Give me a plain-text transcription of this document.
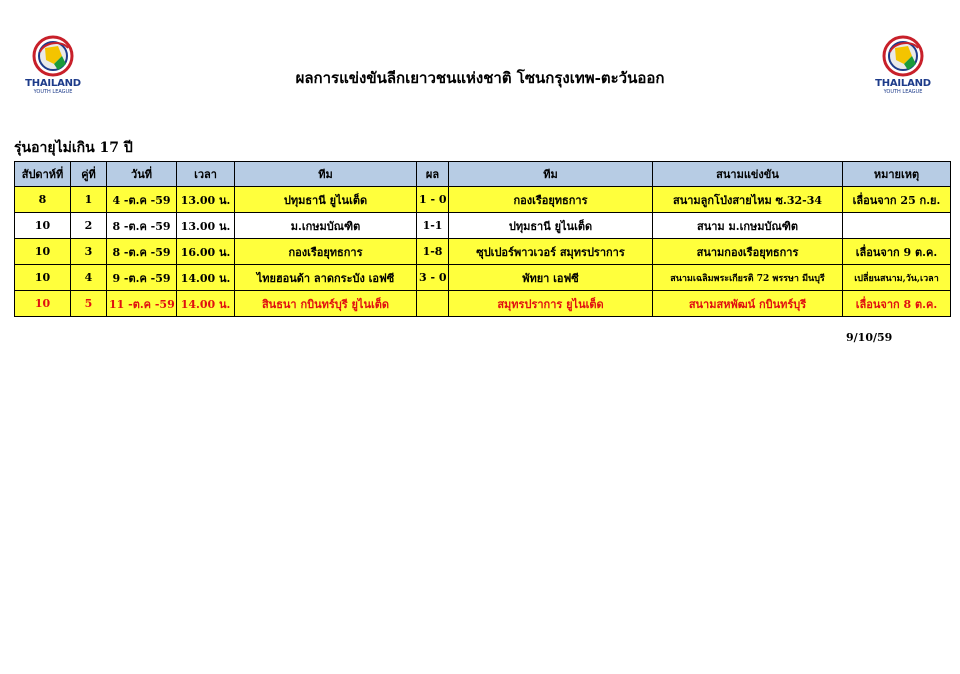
THAILAND
YOUTH LEAGUE
THAILAND
YOUTH LEAGUE
ผลการแข่งขันลีกเยาวชนแห่งชาติ โซนกรุงเทพ-ตะวันออก
รุ่นอายุไม่เกิน 17 ปี
สัปดาห์ที่	คู่ที่	วันที่	เวลา	ทีม	ผล	ทีม	สนามแข่งขัน	หมายเหตุ
8	1	4 -ต.ค -59	13.00 น.	ปทุมธานี ยูไนเต็ด	1 - 0	กองเรือยุทธการ	สนามลูกโป่งสายไหม ซ.32-34	เลื่อนจาก 25 ก.ย.
10	2	8 -ต.ค -59	13.00 น.	ม.เกษมบัณฑิต	1-1	ปทุมธานี ยูไนเต็ด	สนาม ม.เกษมบัณฑิต	
10	3	8 -ต.ค -59	16.00 น.	กองเรือยุทธการ	1-8	ซุปเปอร์พาวเวอร์ สมุทรปราการ	สนามกองเรือยุทธการ	เลื่อนจาก 9 ต.ค.
10	4	9 -ต.ค -59	14.00 น.	ไทยฮอนด้า ลาดกระบัง เอฟซี	3 - 0	พัทยา เอฟซี	สนามเฉลิมพระเกียรติ 72 พรรษา มีนบุรี	เปลี่ยนสนาม,วัน,เวลา
10	5	11 -ต.ค -59	14.00 น.	สินธนา กบินทร์บุรี ยูไนเต็ด		สมุทรปราการ ยูไนเต็ด	สนามสหพัฒน์ กบินทร์บุรี	เลื่อนจาก 8 ต.ค.
9/10/59
